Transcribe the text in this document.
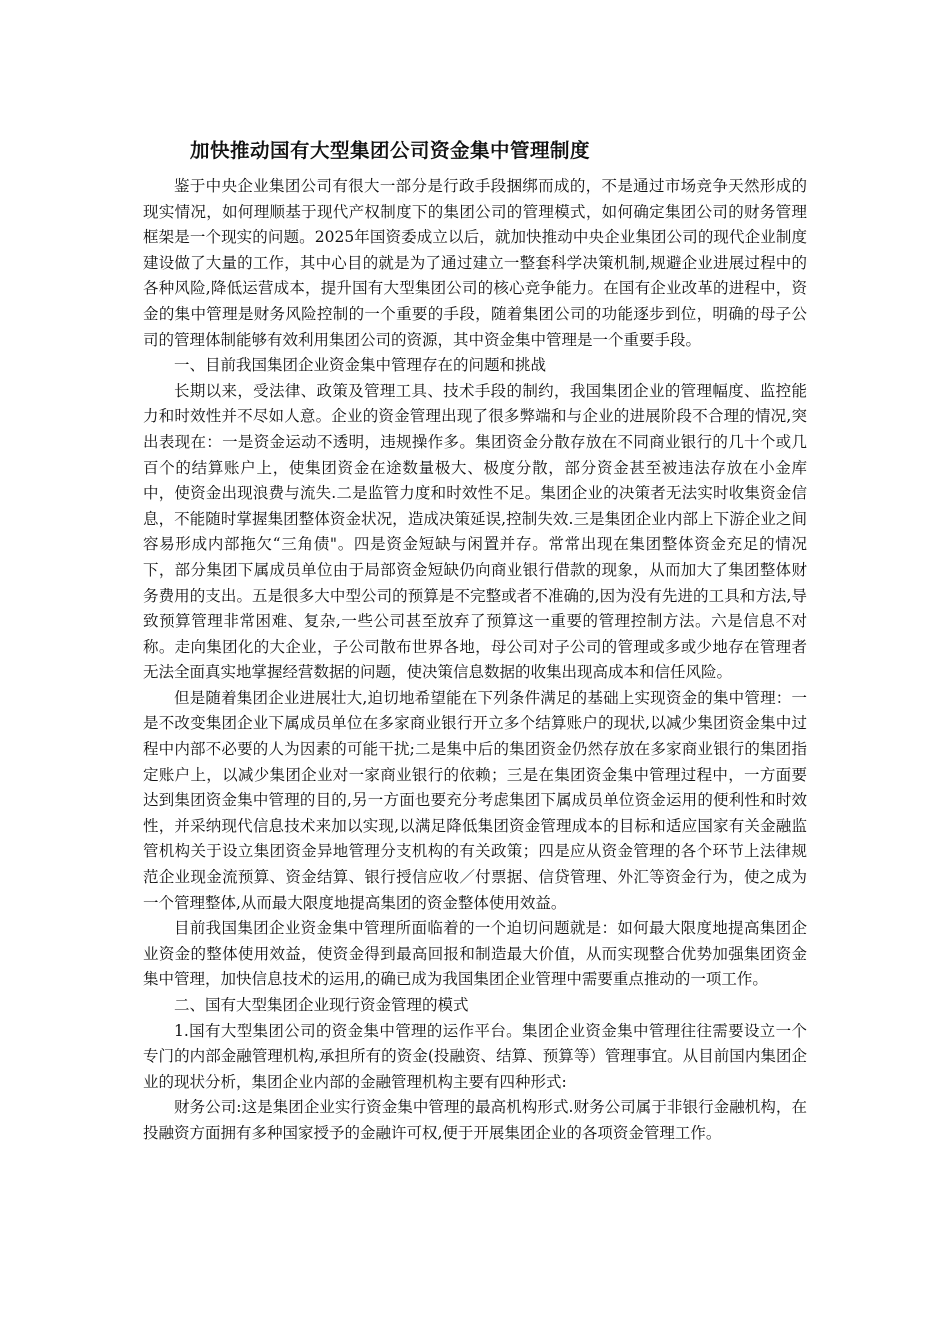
加快推动国有大型集团公司资金集中管理制度

鉴于中央企业集团公司有很大一部分是行政手段捆绑而成的，不是通过市场竞争天然形成的现实情况，如何理顺基于现代产权制度下的集团公司的管理模式，如何确定集团公司的财务管理框架是一个现实的问题。2025年国资委成立以后，就加快推动中央企业集团公司的现代企业制度建设做了大量的工作，其中心目的就是为了通过建立一整套科学决策机制,规避企业进展过程中的各种风险,降低运营成本，提升国有大型集团公司的核心竞争能力。在国有企业改革的进程中，资金的集中管理是财务风险控制的一个重要的手段，随着集团公司的功能逐步到位，明确的母子公司的管理体制能够有效利用集团公司的资源，其中资金集中管理是一个重要手段。

一、目前我国集团企业资金集中管理存在的问题和挑战

长期以来，受法律、政策及管理工具、技术手段的制约，我国集团企业的管理幅度、监控能力和时效性并不尽如人意。企业的资金管理出现了很多弊端和与企业的进展阶段不合理的情况,突出表现在：一是资金运动不透明，违规操作多。集团资金分散存放在不同商业银行的几十个或几百个的结算账户上，使集团资金在途数量极大、极度分散，部分资金甚至被违法存放在小金库中，使资金出现浪费与流失.二是监管力度和时效性不足。集团企业的决策者无法实时收集资金信息，不能随时掌握集团整体资金状况，造成决策延误,控制失效.三是集团企业内部上下游企业之间容易形成内部拖欠“三角债"。四是资金短缺与闲置并存。常常出现在集团整体资金充足的情况下，部分集团下属成员单位由于局部资金短缺仍向商业银行借款的现象，从而加大了集团整体财务费用的支出。五是很多大中型公司的预算是不完整或者不准确的,因为没有先进的工具和方法,导致预算管理非常困难、复杂,一些公司甚至放弃了预算这一重要的管理控制方法。六是信息不对称。走向集团化的大企业，子公司散布世界各地，母公司对子公司的管理或多或少地存在管理者无法全面真实地掌握经营数据的问题，使决策信息数据的收集出现高成本和信任风险。

但是随着集团企业进展壮大,迫切地希望能在下列条件满足的基础上实现资金的集中管理：一是不改变集团企业下属成员单位在多家商业银行开立多个结算账户的现状,以减少集团资金集中过程中内部不必要的人为因素的可能干扰;二是集中后的集团资金仍然存放在多家商业银行的集团指定账户上，以减少集团企业对一家商业银行的依赖；三是在集团资金集中管理过程中，一方面要达到集团资金集中管理的目的,另一方面也要充分考虑集团下属成员单位资金运用的便利性和时效性，并采纳现代信息技术来加以实现,以满足降低集团资金管理成本的目标和适应国家有关金融监管机构关于设立集团资金异地管理分支机构的有关政策；四是应从资金管理的各个环节上法律规范企业现金流预算、资金结算、银行授信应收／付票据、信贷管理、外汇等资金行为，使之成为一个管理整体,从而最大限度地提高集团的资金整体使用效益。

目前我国集团企业资金集中管理所面临着的一个迫切问题就是：如何最大限度地提高集团企业资金的整体使用效益，使资金得到最高回报和制造最大价值，从而实现整合优势加强集团资金集中管理，加快信息技术的运用,的确已成为我国集团企业管理中需要重点推动的一项工作。

二、国有大型集团企业现行资金管理的模式

1.国有大型集团公司的资金集中管理的运作平台。集团企业资金集中管理往往需要设立一个专门的内部金融管理机构,承担所有的资金(投融资、结算、预算等）管理事宜。从目前国内集团企业的现状分析，集团企业内部的金融管理机构主要有四种形式:

财务公司:这是集团企业实行资金集中管理的最高机构形式.财务公司属于非银行金融机构，在投融资方面拥有多种国家授予的金融许可权,便于开展集团企业的各项资金管理工作。
